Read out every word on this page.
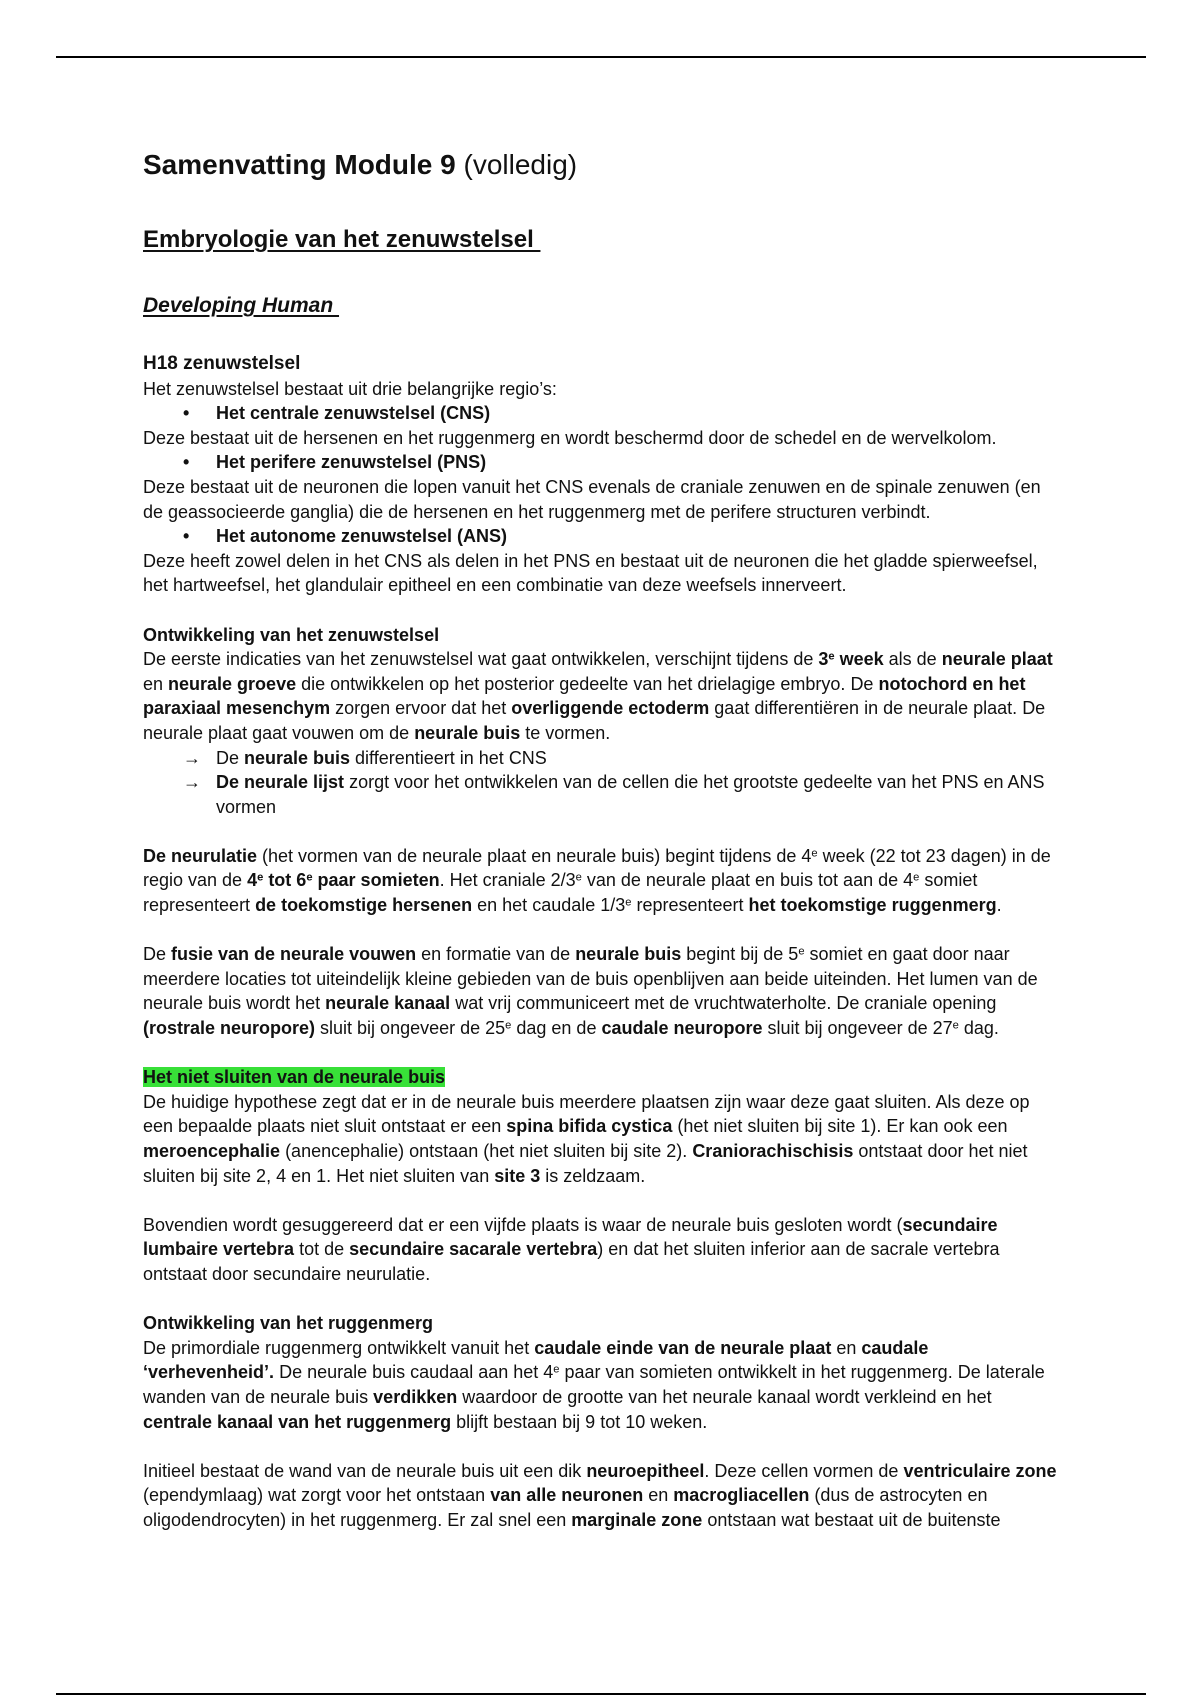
Samenvatting Module 9 (volledig)
Embryologie van het zenuwstelsel
Developing Human
H18 zenuwstelsel

Het zenuwstelsel bestaat uit drie belangrijke regio’s:

•	Het centrale zenuwstelsel (CNS)

Deze bestaat uit de hersenen en het ruggenmerg en wordt beschermd door de schedel en de wervelkolom.

•	Het perifere zenuwstelsel (PNS)

Deze bestaat uit de neuronen die lopen vanuit het CNS evenals de craniale zenuwen en de spinale zenuwen (en de geassocieerde ganglia) die de hersenen en het ruggenmerg met de perifere structuren verbindt.

•	Het autonome zenuwstelsel (ANS)

Deze heeft zowel delen in het CNS als delen in het PNS en bestaat uit de neuronen die het gladde spierweefsel, het hartweefsel, het glandulair epitheel en een combinatie van deze weefsels innerveert.

Ontwikkeling van het zenuwstelsel

De eerste indicaties van het zenuwstelsel wat gaat ontwikkelen, verschijnt tijdens de 3e week als de neurale plaat en neurale groeve die ontwikkelen op het posterior gedeelte van het drielagige embryo. De notochord en het paraxiaal mesenchym zorgen ervoor dat het overliggende ectoderm gaat differentiëren in de neurale plaat. De neurale plaat gaat vouwen om de neurale buis te vormen.

→ De neurale buis differentieert in het CNS
→ De neurale lijst zorgt voor het ontwikkelen van de cellen die het grootste gedeelte van het PNS en ANS vormen

De neurulatie (het vormen van de neurale plaat en neurale buis) begint tijdens de 4e week (22 tot 23 dagen) in de regio van de 4e tot 6e paar somieten. Het craniale 2/3e van de neurale plaat en buis tot aan de 4e somiet representeert de toekomstige hersenen en het caudale 1/3e representeert het toekomstige ruggenmerg.

De fusie van de neurale vouwen en formatie van de neurale buis begint bij de 5e somiet en gaat door naar meerdere locaties tot uiteindelijk kleine gebieden van de buis openblijven aan beide uiteinden. Het lumen van de neurale buis wordt het neurale kanaal wat vrij communiceert met de vruchtwaterholte. De craniale opening (rostrale neuropore) sluit bij ongeveer de 25e dag en de caudale neuropore sluit bij ongeveer de 27e dag.

Het niet sluiten van de neurale buis

De huidige hypothese zegt dat er in de neurale buis meerdere plaatsen zijn waar deze gaat sluiten. Als deze op een bepaalde plaats niet sluit ontstaat er een spina bifida cystica (het niet sluiten bij site 1). Er kan ook een meroencephalie (anencephalie) ontstaan (het niet sluiten bij site 2). Craniorachischisis ontstaat door het niet sluiten bij site 2, 4 en 1. Het niet sluiten van site 3 is zeldzaam.

Bovendien wordt gesuggereerd dat er een vijfde plaats is waar de neurale buis gesloten wordt (secundaire lumbaire vertebra tot de secundaire sacarale vertebra) en dat het sluiten inferior aan de sacrale vertebra ontstaat door secundaire neurulatie.

Ontwikkeling van het ruggenmerg

De primordiale ruggenmerg ontwikkelt vanuit het caudale einde van de neurale plaat en caudale ‘verhevenheid’. De neurale buis caudaal aan het 4e paar van somieten ontwikkelt in het ruggenmerg. De laterale wanden van de neurale buis verdikken waardoor de grootte van het neurale kanaal wordt verkleind en het centrale kanaal van het ruggenmerg blijft bestaan bij 9 tot 10 weken.

Initieel bestaat de wand van de neurale buis uit een dik neuroepitheel. Deze cellen vormen de ventriculaire zone (ependymlaag) wat zorgt voor het ontstaan van alle neuronen en macrogliacellen (dus de astrocyten en oligodendrocyten) in het ruggenmerg. Er zal snel een marginale zone ontstaan wat bestaat uit de buitenste
